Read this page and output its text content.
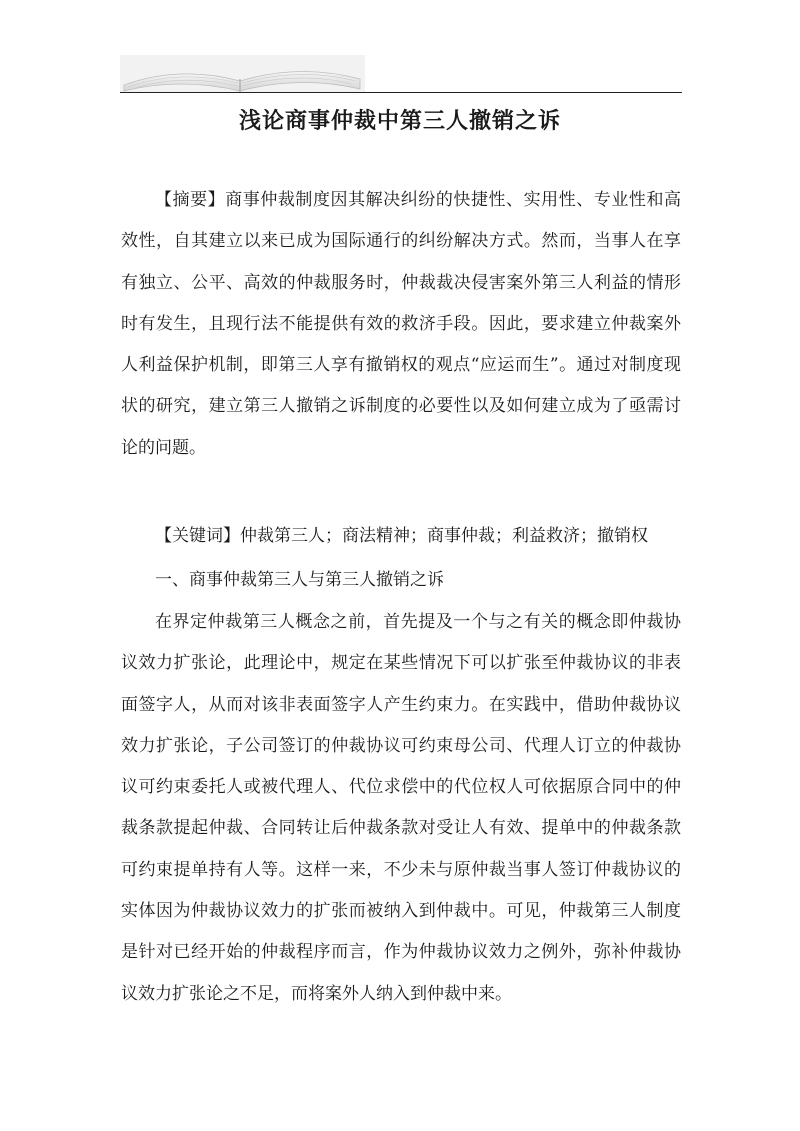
浅论商事仲裁中第三人撤销之诉
【摘要】商事仲裁制度因其解决纠纷的快捷性、实用性、专业性和高效性，自其建立以来已成为国际通行的纠纷解决方式。然而，当事人在享有独立、公平、高效的仲裁服务时，仲裁裁决侵害案外第三人利益的情形时有发生，且现行法不能提供有效的救济手段。因此，要求建立仲裁案外人利益保护机制，即第三人享有撤销权的观点“应运而生”。通过对制度现状的研究，建立第三人撤销之诉制度的必要性以及如何建立成为了亟需讨论的问题。
【关键词】仲裁第三人；商法精神；商事仲裁；利益救济；撤销权
一、商事仲裁第三人与第三人撤销之诉
在界定仲裁第三人概念之前，首先提及一个与之有关的概念即仲裁协议效力扩张论，此理论中，规定在某些情况下可以扩张至仲裁协议的非表面签字人，从而对该非表面签字人产生约束力。在实践中，借助仲裁协议效力扩张论，子公司签订的仲裁协议可约束母公司、代理人订立的仲裁协议可约束委托人或被代理人、代位求偿中的代位权人可依据原合同中的仲裁条款提起仲裁、合同转让后仲裁条款对受让人有效、提单中的仲裁条款可约束提单持有人等。这样一来，不少未与原仲裁当事人签订仲裁协议的实体因为仲裁协议效力的扩张而被纳入到仲裁中。可见，仲裁第三人制度是针对已经开始的仲裁程序而言，作为仲裁协议效力之例外，弥补仲裁协议效力扩张论之不足，而将案外人纳入到仲裁中来。
